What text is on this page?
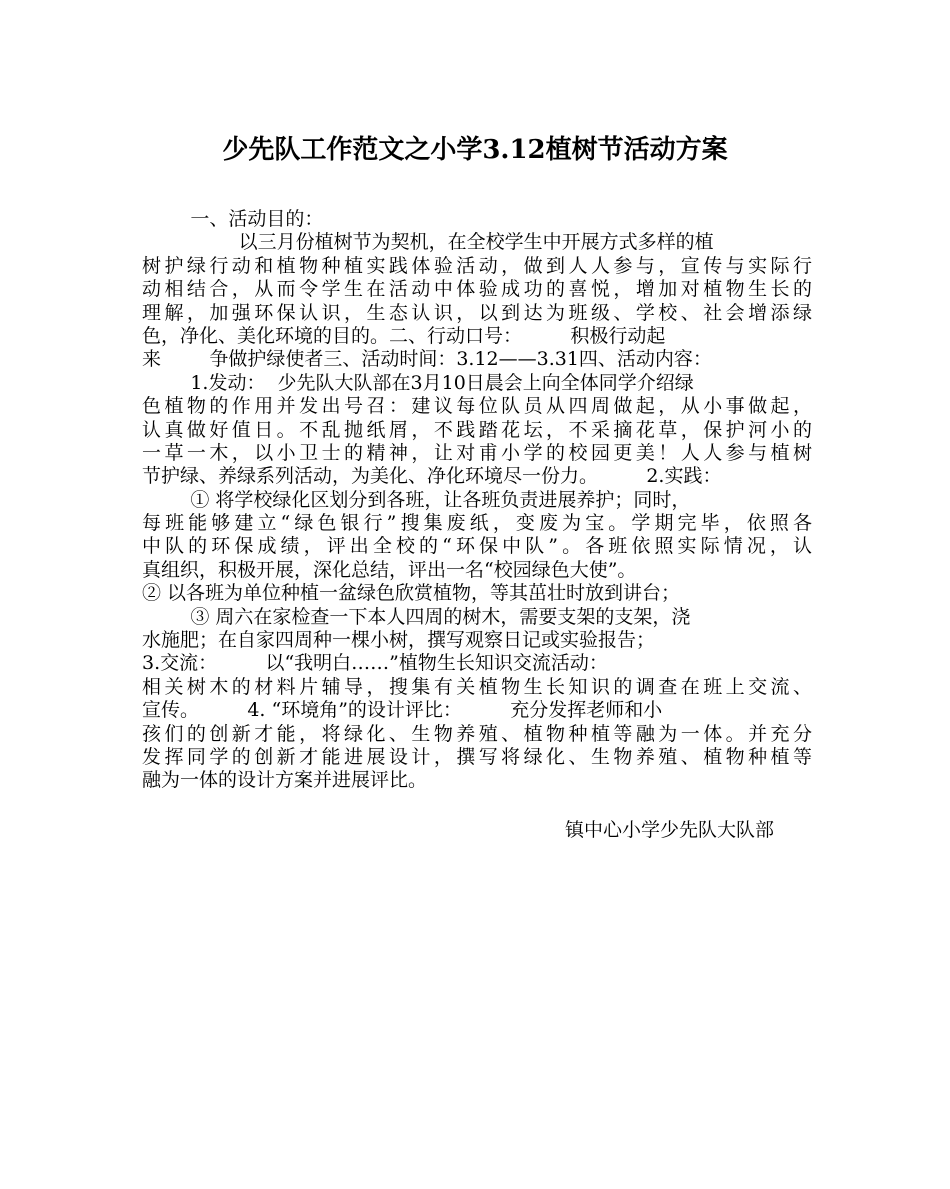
少先队工作范文之小学3.12植树节活动方案
一、活动目的：
以三月份植树节为契机，在全校学生中开展方式多样的植
树护绿行动和植物种植实践体验活动，做到人人参与，宣传与实际行
动相结合，从而令学生在活动中体验成功的喜悦，增加对植物生长的
理解，加强环保认识，生态认识，以到达为班级、学校、社会增添绿
色，净化、美化环境的目的。二、行动口号：        积极行动起
来        争做护绿使者三、活动时间：3.12——3.31四、活动内容：
1.发动：  少先队大队部在3月10日晨会上向全体同学介绍绿
色植物的作用并发出号召：建议每位队员从四周做起，从小事做起，
认真做好值日。不乱抛纸屑，不践踏花坛，不采摘花草，保护河小的
一草一木，以小卫士的精神，让对甫小学的校园更美！人人参与植树
节护绿、养绿系列活动，为美化、净化环境尽一份力。        2.实践：
① 将学校绿化区划分到各班，让各班负责进展养护；同时，
每班能够建立“绿色银行”搜集废纸，变废为宝。学期完毕，依照各
中队的环保成绩，评出全校的“环保中队”。各班依照实际情况，认
真组织，积极开展，深化总结，评出一名“校园绿色大使”。
② 以各班为单位种植一盆绿色欣赏植物，等其茁壮时放到讲台；
③ 周六在家检查一下本人四周的树木，需要支架的支架，浇
水施肥；在自家四周种一棵小树，撰写观察日记或实验报告；
3.交流：        以“我明白……”植物生长知识交流活动：
相关树木的材料片辅导，搜集有关植物生长知识的调查在班上交流、
宣传。        4. “环境角”的设计评比：        充分发挥老师和小
孩们的创新才能，将绿化、生物养殖、植物种植等融为一体。并充分
发挥同学的创新才能进展设计，撰写将绿化、生物养殖、植物种植等
融为一体的设计方案并进展评比。
镇中心小学少先队大队部
